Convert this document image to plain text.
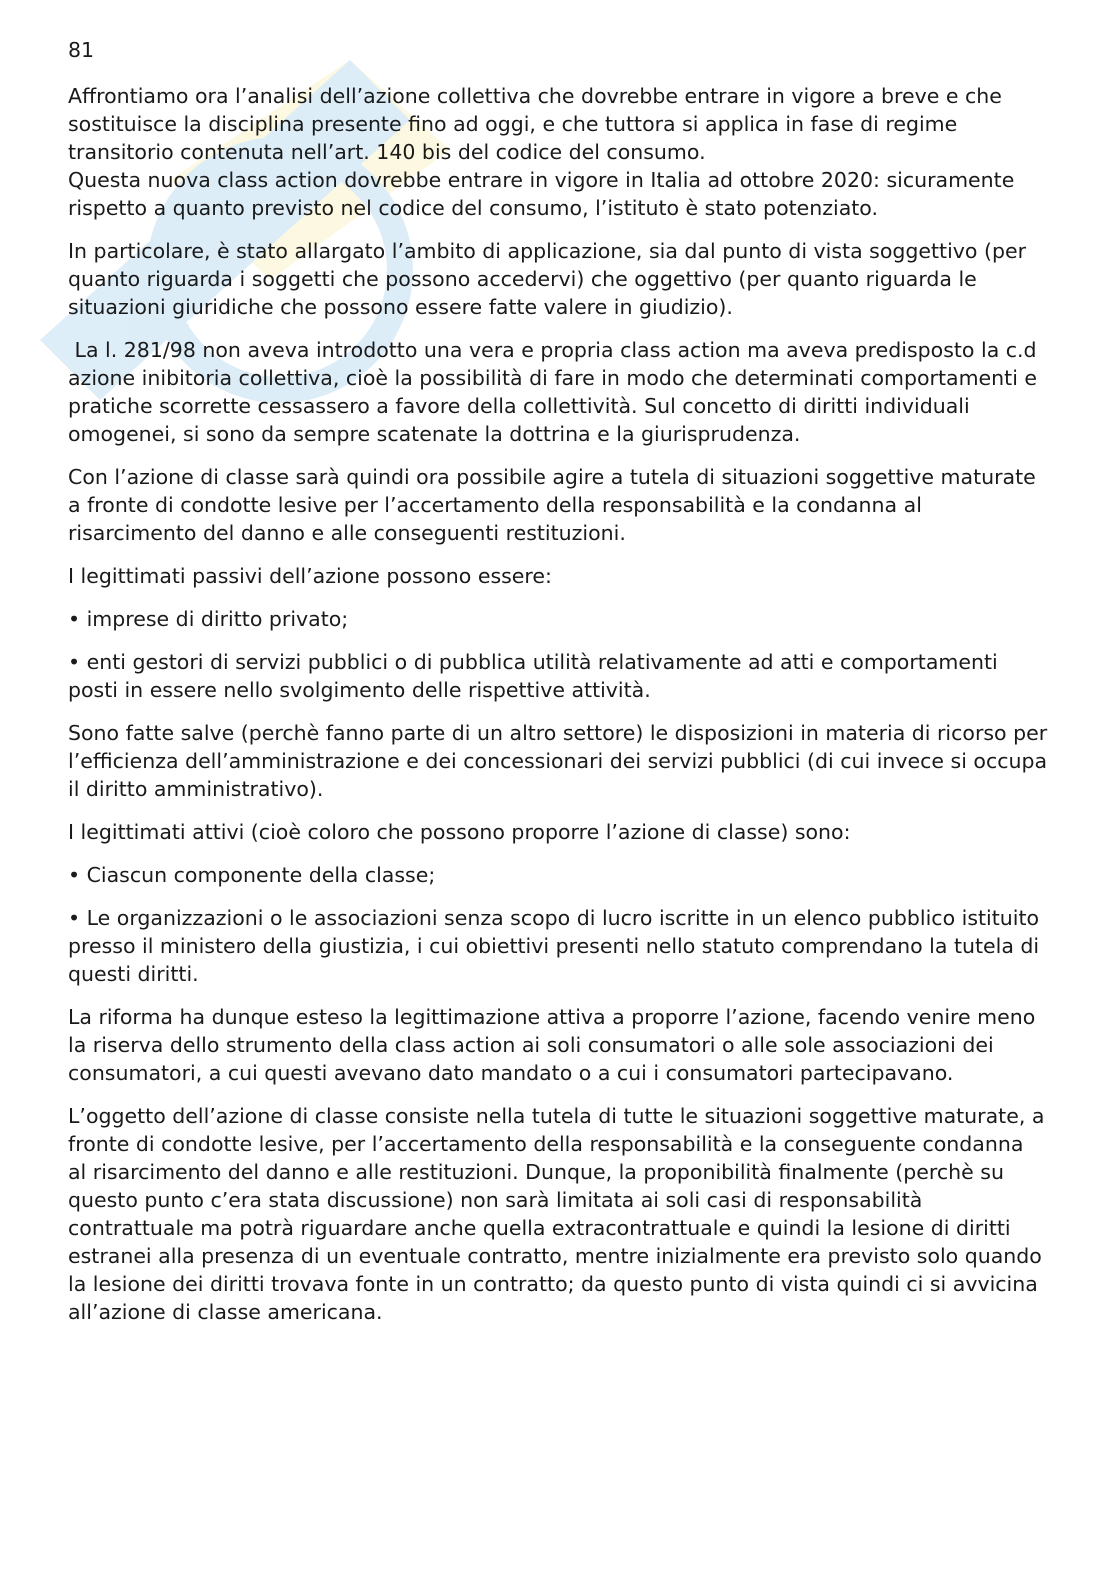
81

Affrontiamo ora l’analisi dell’azione collettiva che dovrebbe entrare in vigore a breve e che sostituisce la disciplina presente fino ad oggi, e che tuttora si applica in fase di regime transitorio contenuta nell’art. 140 bis del codice del consumo.

Questa nuova class action dovrebbe entrare in vigore in Italia ad ottobre 2020: sicuramente rispetto a quanto previsto nel codice del consumo, l’istituto è stato potenziato.

In particolare, è stato allargato l’ambito di applicazione, sia dal punto di vista soggettivo (per quanto riguarda i soggetti che possono accedervi) che oggettivo (per quanto riguarda le situazioni giuridiche che possono essere fatte valere in giudizio).

La l. 281/98 non aveva introdotto una vera e propria class action ma aveva predisposto la c.d azione inibitoria collettiva, cioè la possibilità di fare in modo che determinati comportamenti e pratiche scorrette cessassero a favore della collettività. Sul concetto di diritti individuali omogenei, si sono da sempre scatenate la dottrina e la giurisprudenza.

Con l’azione di classe sarà quindi ora possibile agire a tutela di situazioni soggettive maturate a fronte di condotte lesive per l’accertamento della responsabilità e la condanna al risarcimento del danno e alle conseguenti restituzioni.

I legittimati passivi dell’azione possono essere:

• imprese di diritto privato;

• enti gestori di servizi pubblici o di pubblica utilità relativamente ad atti e comportamenti posti in essere nello svolgimento delle rispettive attività.

Sono fatte salve (perchè fanno parte di un altro settore) le disposizioni in materia di ricorso per l’efficienza dell’amministrazione e dei concessionari dei servizi pubblici (di cui invece si occupa il diritto amministrativo).

I legittimati attivi (cioè coloro che possono proporre l’azione di classe) sono:

• Ciascun componente della classe;

• Le organizzazioni o le associazioni senza scopo di lucro iscritte in un elenco pubblico istituito presso il ministero della giustizia, i cui obiettivi presenti nello statuto comprendano la tutela di questi diritti.

La riforma ha dunque esteso la legittimazione attiva a proporre l’azione, facendo venire meno la riserva dello strumento della class action ai soli consumatori o alle sole associazioni dei consumatori, a cui questi avevano dato mandato o a cui i consumatori partecipavano.

L’oggetto dell’azione di classe consiste nella tutela di tutte le situazioni soggettive maturate, a fronte di condotte lesive, per l’accertamento della responsabilità e la conseguente condanna al risarcimento del danno e alle restituzioni. Dunque, la proponibilità finalmente (perchè su questo punto c’era stata discussione) non sarà limitata ai soli casi di responsabilità contrattuale ma potrà riguardare anche quella extracontrattuale e quindi la lesione di diritti estranei alla presenza di un eventuale contratto, mentre inizialmente era previsto solo quando la lesione dei diritti trovava fonte in un contratto; da questo punto di vista quindi ci si avvicina all’azione di classe americana.
